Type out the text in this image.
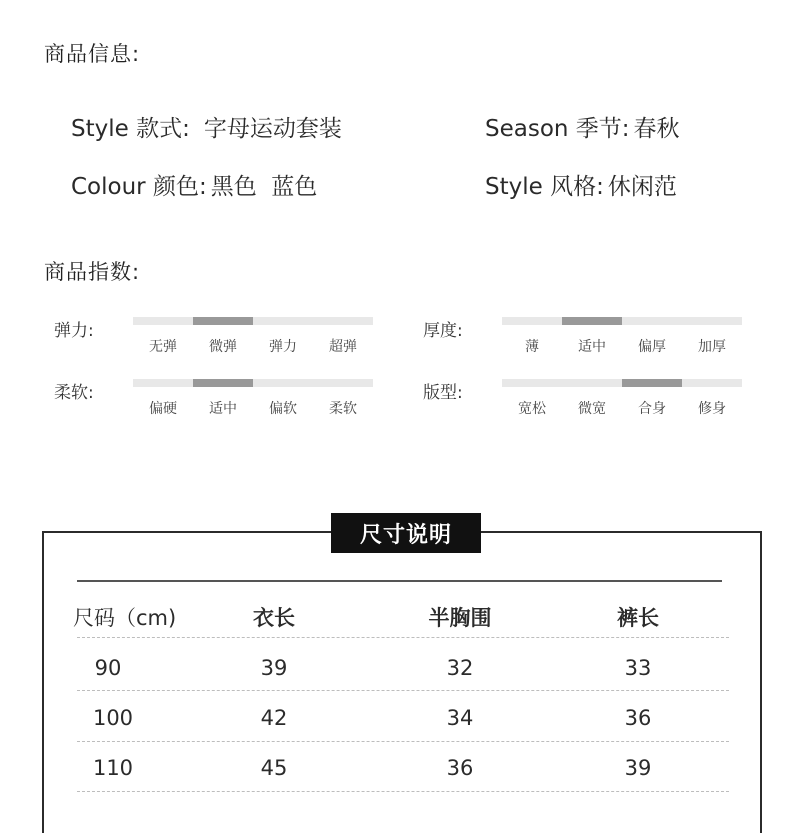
商品信息:
Style 款式: 字母运动套装	Season 季节: 春秋
Colour 颜色: 黑色  蓝色	Style 风格: 休闲范
商品指数:
弹力:
无弹	微弹	弹力	超弹
厚度:
薄	适中	偏厚	加厚
柔软:
偏硬	适中	偏软	柔软
版型:
宽松	微宽	合身	修身
尺寸说明
尺码（cm)	衣长	半胸围	裤长
90	39	32	33
100	42	34	36
110	45	36	39
